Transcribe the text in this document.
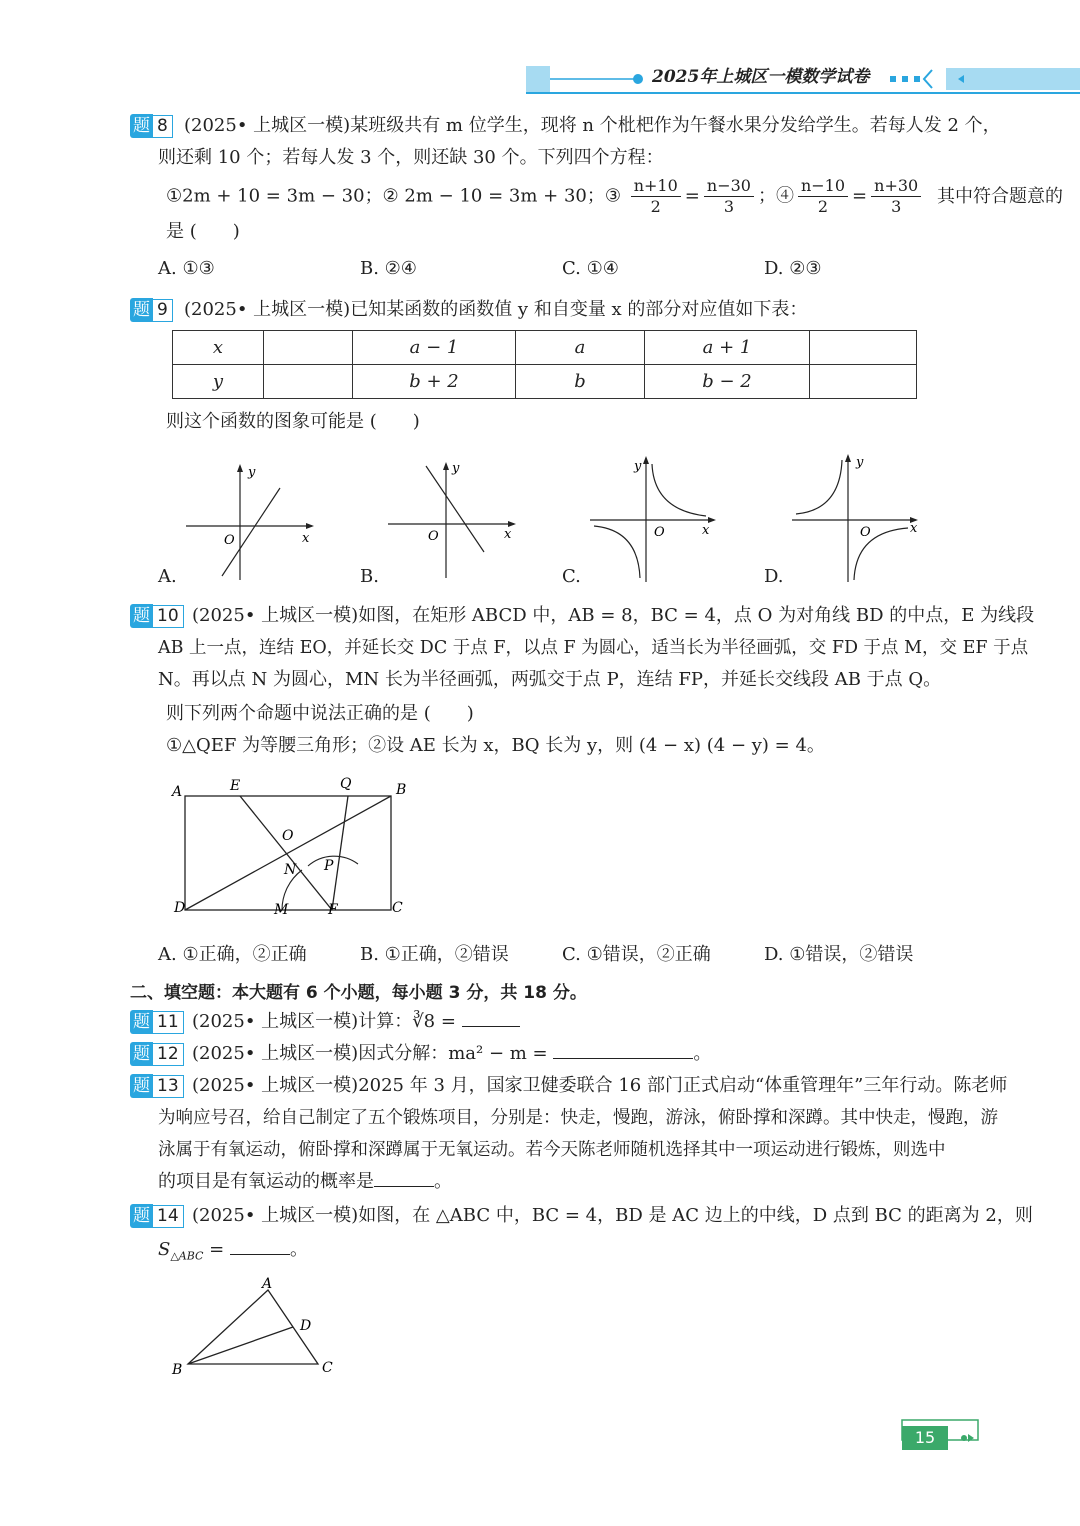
2025年上城区一模数学试卷
题 8 (2025• 上城区一模)某班级共有 m 位学生，现将 n 个枇杷作为午餐水果分发给学生。若每人发 2 个，
则还剩 10 个；若每人发 3 个，则还缺 30 个。下列四个方程：
①2m + 10 = 3m − 30；② 2m − 10 = 3m + 30；③ $\frac{n+10}{2} = \frac{n-30}{3}$ ；④ $\frac{n-10}{2} = \frac{n+30}{3}$ 其中符合题意的
是 (　　)
A. ①③	B. ②④	C. ①④	D. ②③
题 9 (2025• 上城区一模)已知某函数的函数值 y 和自变量 x 的部分对应值如下表：
x		a − 1	a	a + 1	
y		b + 2	b	b − 2	
则这个函数的图象可能是 (　　)
y
x
O
y
x
O
y
x
O
y
x
O
A.	B.	C.	D.
题 10 (2025• 上城区一模)如图，在矩形 ABCD 中，AB = 8，BC = 4，点 O 为对角线 BD 的中点，E 为线段
AB 上一点，连结 EO，并延长交 DC 于点 F，以点 F 为圆心，适当长为半径画弧，交 FD 于点 M，交 EF 于点
N。再以点 N 为圆心，MN 长为半径画弧，两弧交于点 P，连结 FP，并延长交线段 AB 于点 Q。
则下列两个命题中说法正确的是 (　　)
①△QEF 为等腰三角形；②设 AE 长为 x，BQ 长为 y，则 (4 − x) (4 − y) = 4。
A	E	Q	B
O
N P
D	M	F	C
A. ①正确，②正确	B. ①正确，②错误	C. ①错误，②正确	D. ①错误，②错误
二、填空题：本大题有 6 个小题，每小题 3 分，共 18 分。
题 11 (2025• 上城区一模)计算：∛8 =
题 12 (2025• 上城区一模)因式分解：ma² − m =	。
题 13 (2025• 上城区一模)2025 年 3 月，国家卫健委联合 16 部门正式启动“体重管理年”三年行动。陈老师
为响应号召，给自己制定了五个锻炼项目，分别是：快走，慢跑，游泳，俯卧撑和深蹲。其中快走，慢跑，游
泳属于有氧运动，俯卧撑和深蹲属于无氧运动。若今天陈老师随机选择其中一项运动进行锻炼，则选中
的项目是有氧运动的概率是	。
题 14 (2025• 上城区一模)如图，在 △ABC 中，BC = 4，BD 是 AC 边上的中线，D 点到 BC 的距离为 2，则
$S_{\triangle ABC}$ =	。
A
B	C
D
15
